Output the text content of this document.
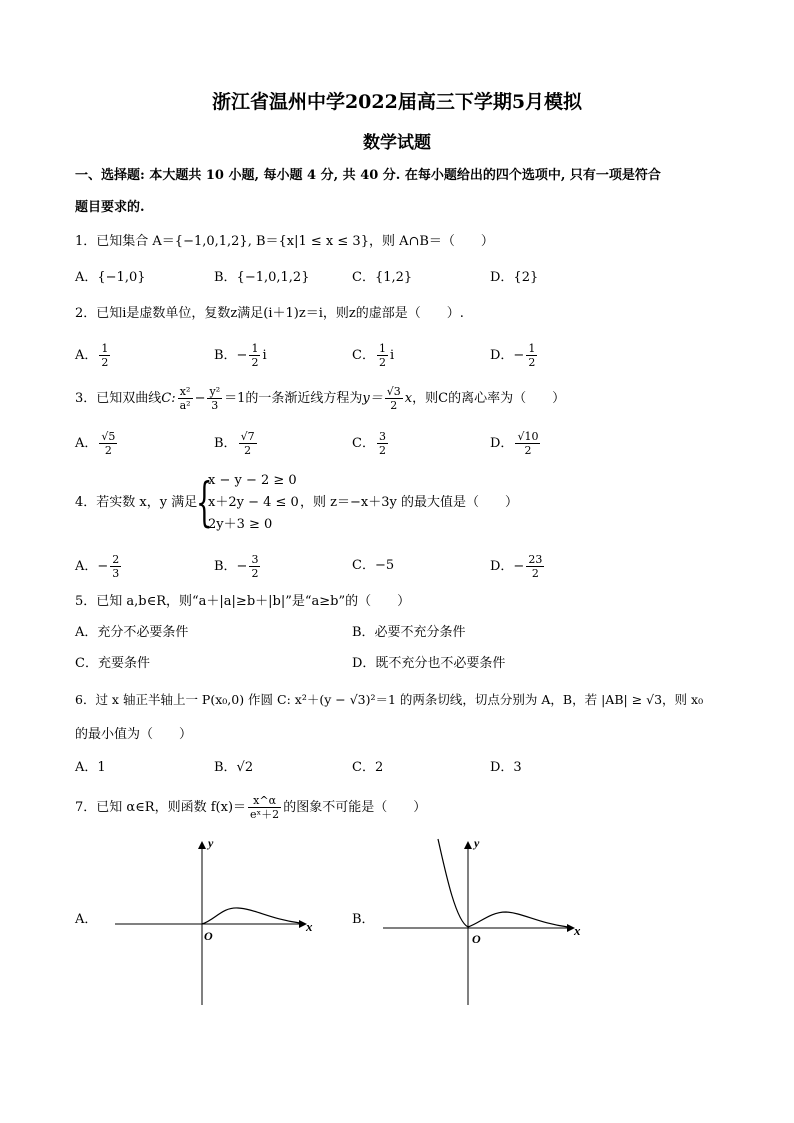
浙江省温州中学2022届高三下学期5月模拟
数学试题
一、选择题: 本大题共 10 小题, 每小题 4 分, 共 40 分. 在每小题给出的四个选项中, 只有一项是符合
题目要求的.
1．已知集合 A＝{−1,0,1,2}, B＝{x|1 ≤ x ≤ 3}，则 A∩B＝（　　）
A．{−1,0}	B．{−1,0,1,2}	C．{1,2}	D．{2}
2．已知i是虚数单位，复数z满足(i＋1)z＝i，则z的虚部是（　　）.
A． $\frac{1}{2}$	B．− $\frac{1}{2}$ i	C． $\frac{1}{2}$ i	D．− $\frac{1}{2}$
3．已知双曲线C: $\frac{\text{x²}}{\text{a²}} - \frac{\text{y²}}{3} =1$的一条渐近线方程为$y= \frac{√3}{2}$ x，则C的离心率为（　　）
A． $\frac{√5}{2}$	B． $\frac{√7}{2}$	C． $\frac{3}{2}$	D． $\frac{√10}{2}$
4．若实数 x，y 满足
{
x − y − 2 ≥ 0
x＋2y − 4 ≤ 0
2y＋3 ≥ 0
，则 z＝−x＋3y 的最大值是（　　）
A．− $\frac{2}{3}$	B．− $\frac{3}{2}$	C．−5	D．− $\frac{23}{2}$
5．已知 a,b∈R，则“a＋|a|≥b＋|b|”是“a≥b”的（　　）
A．充分不必要条件	B．必要不充分条件
C．充要条件	D．既不充分也不必要条件
6．过 x 轴正半轴上一 P(x₀,0) 作圆 C: x²＋(y − √3)²＝1 的两条切线，切点分别为 A，B，若 |AB| ≥ √3，则 x₀
的最小值为（　　）
A．1	B．√2	C．2	D．3
7．已知 α∈R，则函数 $f(x)= \frac{x\^{}\alpha}{\text{eˣ＋2}}$ 的图象不可能是（　　）
A．
y
x
O
B．
y
x
O
